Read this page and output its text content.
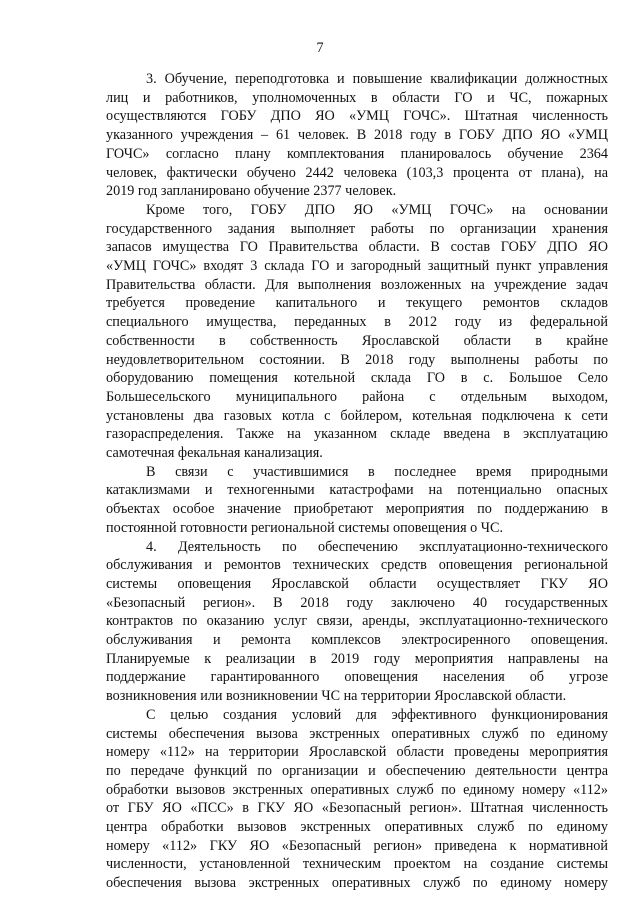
7
3. Обучение, переподготовка и повышение квалификации должностных
лиц и работников, уполномоченных в области ГО и ЧС, пожарных
осуществляются ГОБУ ДПО ЯО «УМЦ ГОЧС». Штатная численность
указанного учреждения – 61 человек. В 2018 году в ГОБУ ДПО ЯО «УМЦ
ГОЧС» согласно плану комплектования планировалось обучение 2364
человек, фактически обучено 2442 человека (103,3 процента от плана), на
2019 год запланировано обучение 2377 человек.
Кроме того, ГОБУ ДПО ЯО «УМЦ ГОЧС» на основании
государственного задания выполняет работы по организации хранения
запасов имущества ГО Правительства области. В состав ГОБУ ДПО ЯО
«УМЦ ГОЧС» входят 3 склада ГО и загородный защитный пункт управления
Правительства области. Для выполнения возложенных на учреждение задач
требуется проведение капитального и текущего ремонтов складов
специального имущества, переданных в 2012 году из федеральной
собственности в собственность Ярославской области в крайне
неудовлетворительном состоянии. В 2018 году выполнены работы по
оборудованию помещения котельной склада ГО в с. Большое Село
Большесельского муниципального района с отдельным выходом,
установлены два газовых котла с бойлером, котельная подключена к сети
газораспределения. Также на указанном складе введена в эксплуатацию
самотечная фекальная канализация.
В связи с участившимися в последнее время природными
катаклизмами и техногенными катастрофами на потенциально опасных
объектах особое значение приобретают мероприятия по поддержанию в
постоянной готовности региональной системы оповещения о ЧС.
4. Деятельность по обеспечению эксплуатационно-технического
обслуживания и ремонтов технических средств оповещения региональной
системы оповещения Ярославской области осуществляет ГКУ ЯО
«Безопасный регион». В 2018 году заключено 40 государственных
контрактов по оказанию услуг связи, аренды, эксплуатационно-технического
обслуживания и ремонта комплексов электросиренного оповещения.
Планируемые к реализации в 2019 году мероприятия направлены на
поддержание гарантированного оповещения населения об угрозе
возникновения или возникновении ЧС на территории Ярославской области.
С целью создания условий для эффективного функционирования
системы обеспечения вызова экстренных оперативных служб по единому
номеру «112» на территории Ярославской области проведены мероприятия
по передаче функций по организации и обеспечению деятельности центра
обработки вызовов экстренных оперативных служб по единому номеру «112»
от ГБУ ЯО «ПСС» в ГКУ ЯО «Безопасный регион». Штатная численность
центра обработки вызовов экстренных оперативных служб по единому
номеру «112» ГКУ ЯО «Безопасный регион» приведена к нормативной
численности, установленной техническим проектом на создание системы
обеспечения вызова экстренных оперативных служб по единому номеру
